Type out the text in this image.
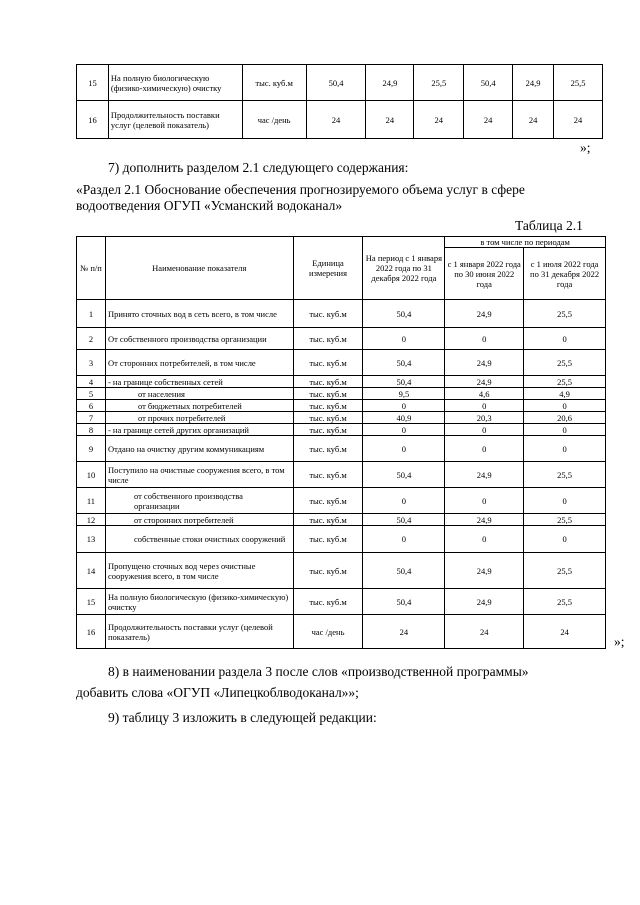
15	На полную биологическую (физико-химическую) очистку	тыс. куб.м	50,4	24,9	25,5	50,4	24,9	25,5
16	Продолжительность поставки услуг (целевой показатель)	час /день	24	24	24	24	24	24
»;
7) дополнить разделом 2.1 следующего содержания:
«Раздел 2.1 Обоснование обеспечения прогнозируемого объема услуг в сфере
водоотведения ОГУП «Усманский водоканал»
Таблица 2.1
№ п/п	Наименование показателя	Единица измерения	На период с 1 января 2022 года по 31 декабря 2022 года	в том числе по периодам	
				с 1 января 2022 года по 30 июня 2022 года	с 1 июля 2022 года по 31 декабря 2022 года
1	Принято сточных вод в сеть всего, в том числе	тыс. куб.м	50,4	24,9	25,5
2	От собственного производства организации	тыс. куб.м	0	0	0
3	От сторонних потребителей, в том числе	тыс. куб.м	50,4	24,9	25,5
4	- на границе собственных сетей	тыс. куб.м	50,4	24,9	25,5
5	от населения	тыс. куб.м	9,5	4,6	4,9
6	от бюджетных потребителей	тыс. куб.м	0	0	0
7	от прочих потребителей	тыс. куб.м	40,9	20,3	20,6
8	- на границе сетей других организаций	тыс. куб.м	0	0	0
9	Отдано на очистку другим коммуникациям	тыс. куб.м	0	0	0
10	Поступило на очистные сооружения всего, в том числе	тыс. куб.м	50,4	24,9	25,5
11	от собственного производства организации	тыс. куб.м	0	0	0
12	от сторонних потребителей	тыс. куб.м	50,4	24,9	25,5
13	собственные стоки очистных сооружений	тыс. куб.м	0	0	0
14	Пропущено сточных вод через очистные сооружения всего, в том числе	тыс. куб.м	50,4	24,9	25,5
15	На полную биологическую (физико-химическую) очистку	тыс. куб.м	50,4	24,9	25,5
16	Продолжительность поставки услуг (целевой показатель)	час /день	24	24	24
»;
8) в наименовании раздела 3 после слов «производственной программы»
добавить слова «ОГУП «Липецкоблводоканал»»;
9) таблицу 3 изложить в следующей редакции:
